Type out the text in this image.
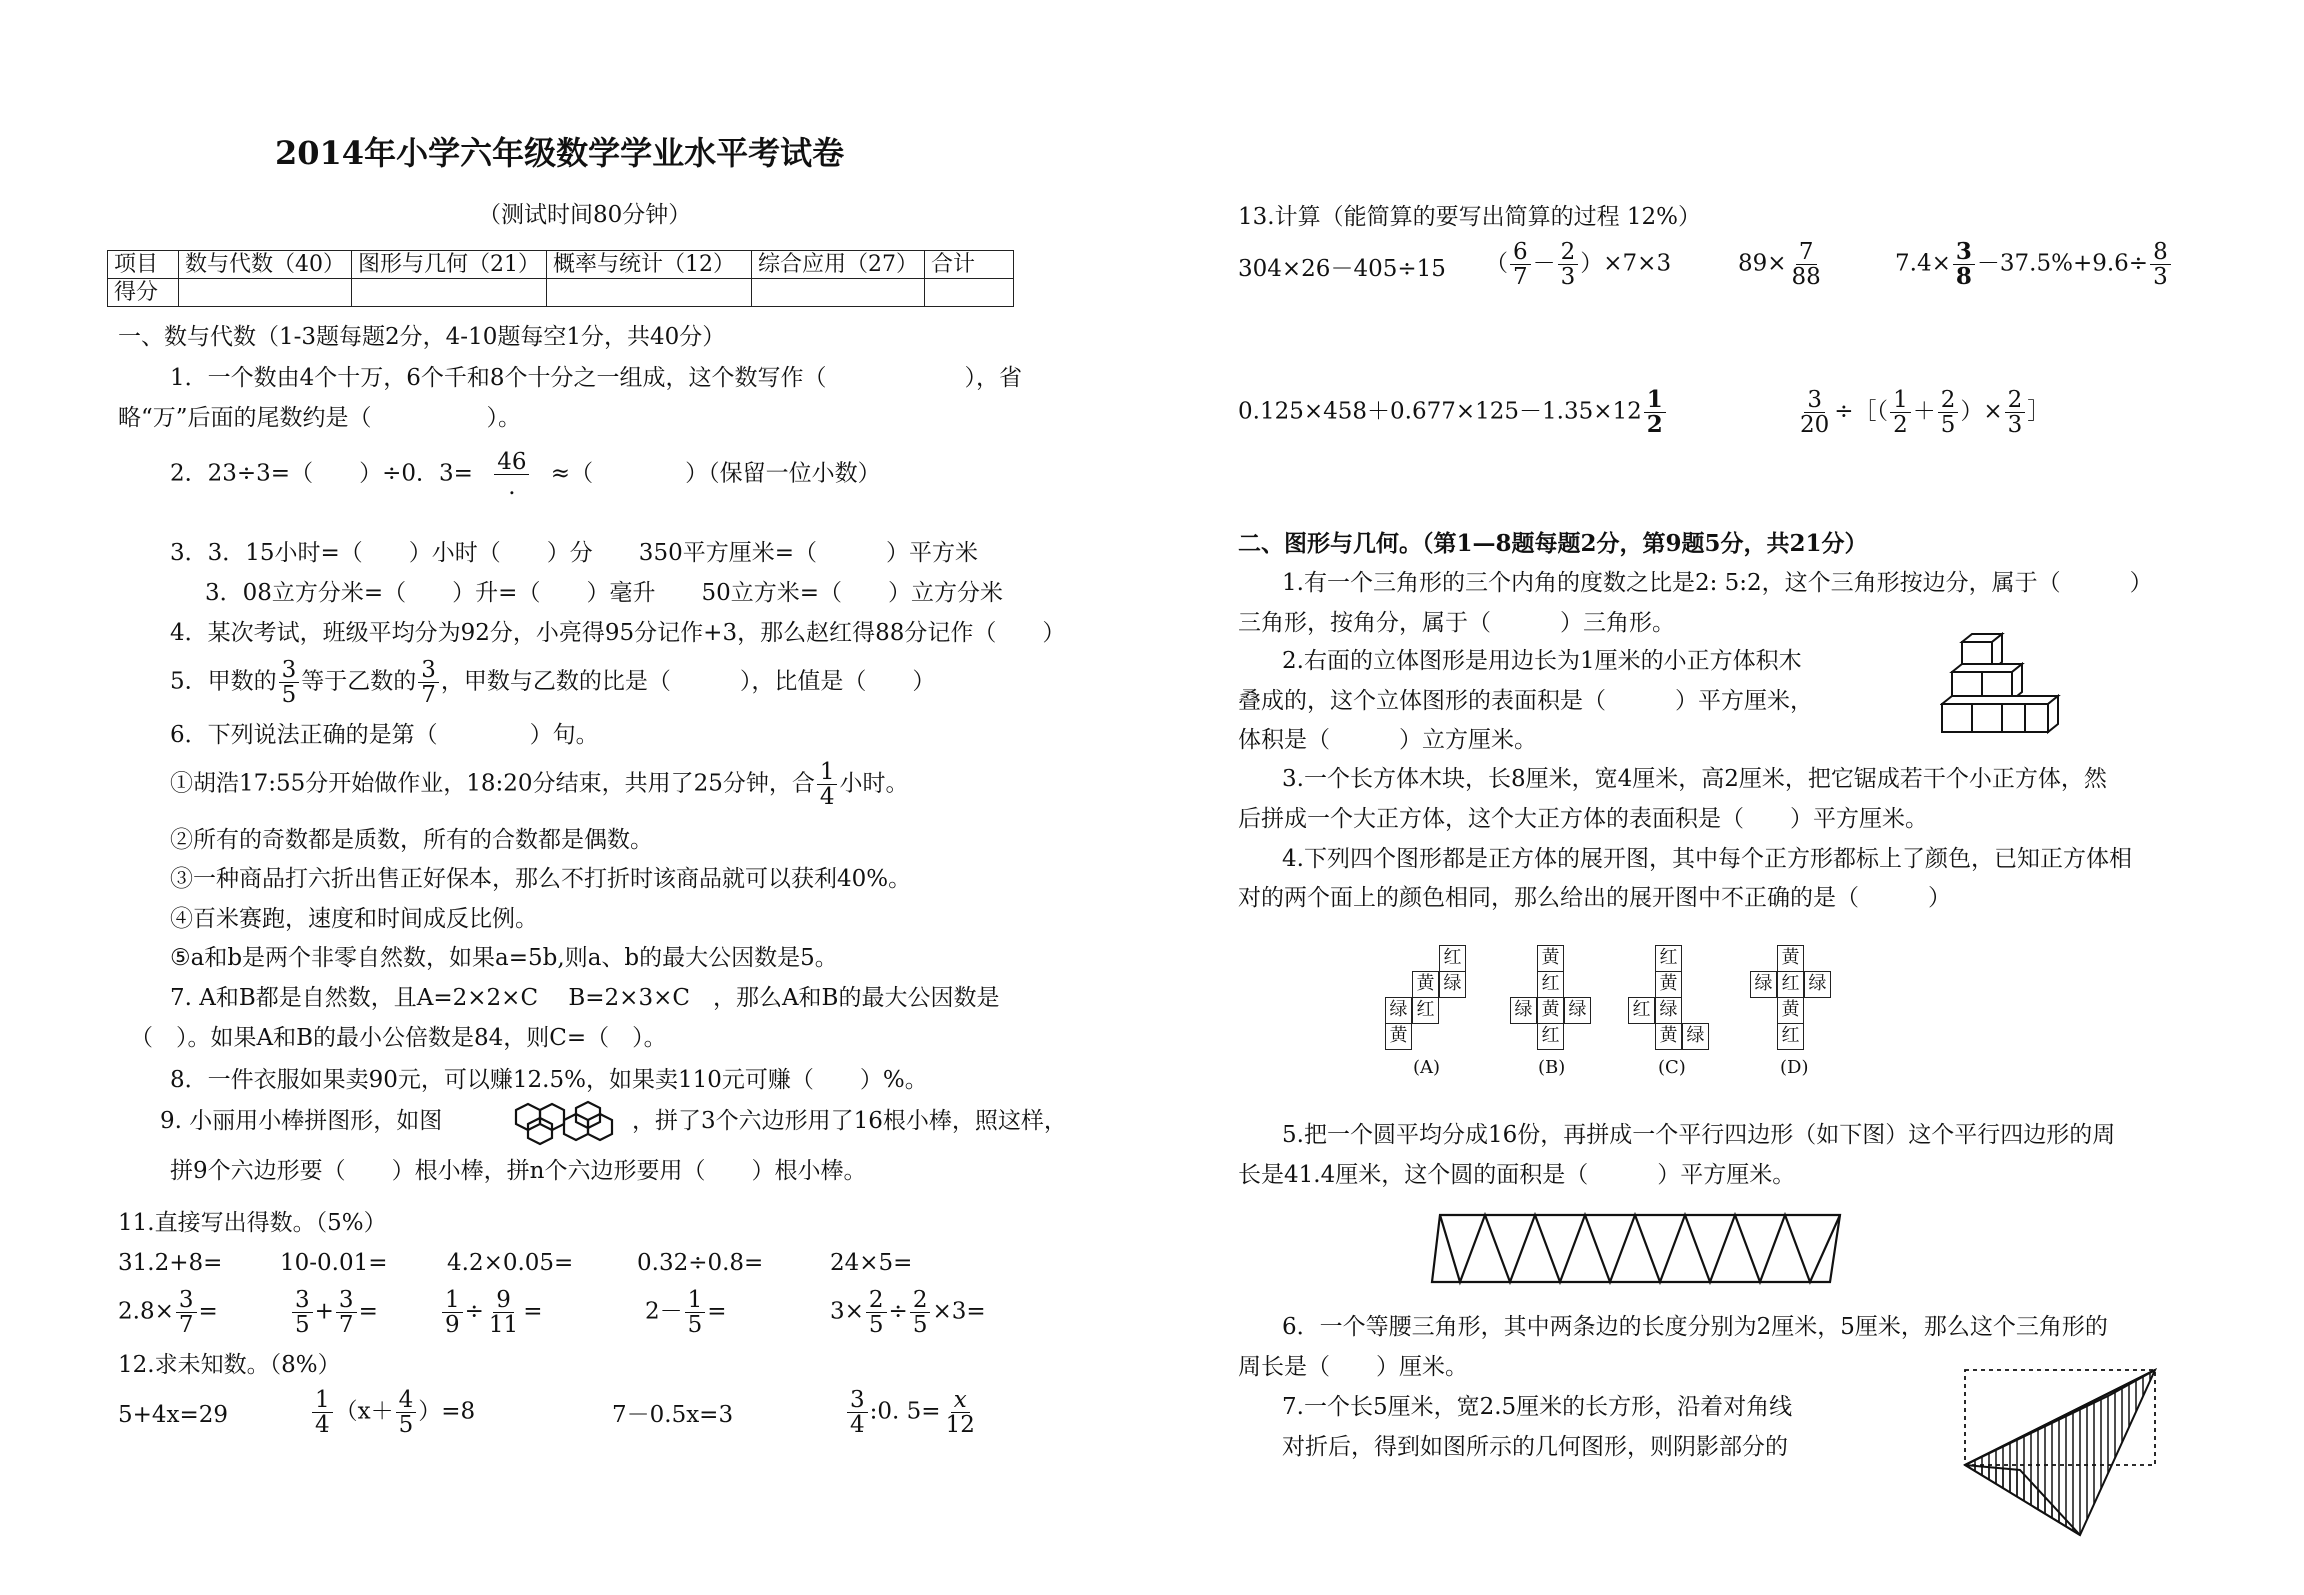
2014年小学六年级数学学业水平考试卷
（测试时间80分钟）
项目	数与代数（40）	图形与几何（21）	概率与统计（12）	综合应用（27）	合计
得分					
一、数与代数（1-3题每题2分，4-10题每空1分，共40分）
1．一个数由4个十万，6个千和8个十分之一组成，这个数写作（　　　　　　），省
略“万”后面的尾数约是（　　　　　）。
2．23÷3=（　　）÷0．$3= \frac{46}{.}$ ≈（　　　　）（保留一位小数）
3．3．15小时=（　　）小时（　　）分　　350平方厘米=（　　　）平方米
3．08立方分米=（　　）升=（　　）毫升　　50立方米=（　　）立方分米
4．某次考试，班级平均分为92分，小亮得95分记作+3，那么赵红得88分记作（　　）
5．甲数的 $\frac{3}{5}$ 等于乙数的 $\frac{3}{7}$ ，甲数与乙数的比是（　　　），比值是（　　）
6．下列说法正确的是第（　　　　）句。
①胡浩17:55分开始做作业，18:20分结束，共用了25分钟，合 $\frac{1}{4}$ 小时。
②所有的奇数都是质数，所有的合数都是偶数。
③一种商品打六折出售正好保本，那么不打折时该商品就可以获利40%。
④百米赛跑，速度和时间成反比例。
⑤a和b是两个非零自然数，如果a=5b,则a、b的最大公因数是5。
7. A和B都是自然数，且A=2×2×C　 B=2×3×C　，那么A和B的最大公因数是
（　）。如果A和B的最小公倍数是84，则C=（　）。
8．一件衣服如果卖90元，可以赚12.5%，如果卖110元可赚（　　）%。
9. 小丽用小棒拼图形，如图	，拼了3个六边形用了16根小棒，照这样，
拼9个六边形要（　　）根小棒，拼n个六边形要用（　　）根小棒。
11.直接写出得数。（5%）
31.2+8=	10-0.01=	4.2×0.05=	0.32÷0.8=	24×5=
$2.8\times \frac{3}{7}$ =	$\frac{3}{5} + \frac{3}{7}$ =	$\frac{1}{9} \div \frac{9}{11}$ =	$2- \frac{1}{5}$ =	$3\times \frac{2}{5} \div \frac{2}{5} \times 3=$
12.求未知数。（8%）
5+4x=29	$\frac{1}{4} (x+ \frac{4}{5} )=8$	7－0.5x=3	$\frac{3}{4}$ :0. $5= \frac{x}{12}$
13.计算（能简算的要写出简算的过程 12%）
304×26－405÷15 （ $\frac{6}{7} - \frac{2}{3} )\times 7\times 3$	$89\times \frac{7}{88}$	$7.4\times \frac{3}{8} -37.5\%+9.6\div \frac{8}{3}$
$0.125\times 458+0.677\times 125-1.35\times 12 \frac{1}{2}$	$\frac{3}{20}$ ÷［（ $\frac{1}{2} + \frac{2}{5}$ ）× $\frac{2}{3}$ ］
二、图形与几何。（第1—8题每题2分，第9题5分，共21分）
1.有一个三角形的三个内角的度数之比是2: 5:2，这个三角形按边分，属于（　　　）
三角形，按角分，属于（　　　）三角形。
2.右面的立体图形是用边长为1厘米的小正方体积木
叠成的，这个立体图形的表面积是（　　　）平方厘米，
体积是（　　　）立方厘米。
3.一个长方体木块，长8厘米，宽4厘米，高2厘米，把它锯成若干个小正方体，然
后拼成一个大正方体，这个大正方体的表面积是（　　）平方厘米。
4.下列四个图形都是正方体的展开图，其中每个正方形都标上了颜色，已知正方体相
对的两个面上的颜色相同，那么给出的展开图中不正确的是（　　　）
红
黄 绿
绿 红
黄
(A)
黄
红
绿 黄 绿
红
(B)
红
黄
红 绿
黄 绿
(C)
黄
绿 红 绿
黄
红
(D)
5.把一个圆平均分成16份，再拼成一个平行四边形（如下图）这个平行四边形的周
长是41.4厘米，这个圆的面积是（　　　）平方厘米。
6．一个等腰三角形，其中两条边的长度分别为2厘米，5厘米，那么这个三角形的
周长是（　　）厘米。
7.一个长5厘米，宽2.5厘米的长方形，沿着对角线
对折后，得到如图所示的几何图形，则阴影部分的
